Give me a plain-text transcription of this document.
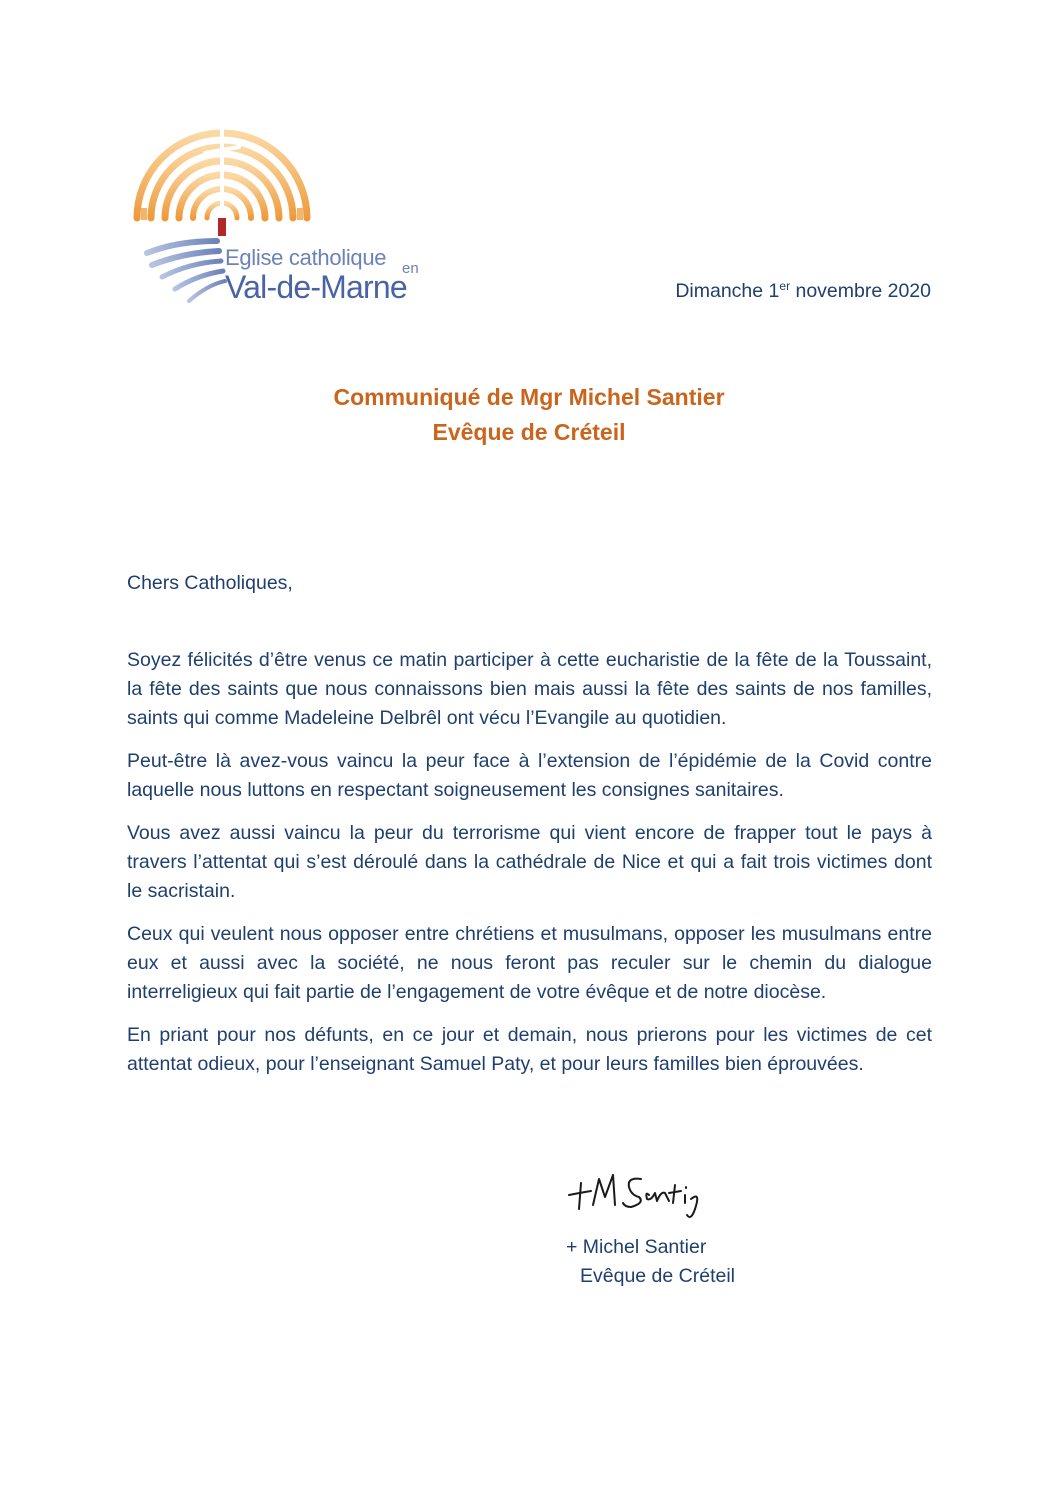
Eglise catholique en
Val-de-Marne	Dimanche 1er novembre 2020
Communiqué de Mgr Michel Santier
Evêque de Créteil
Chers Catholiques,

Soyez félicités d’être venus ce matin participer à cette eucharistie de la fête de la Toussaint, la fête des saints que nous connaissons bien mais aussi la fête des saints de nos familles, saints qui comme Madeleine Delbrêl ont vécu l’Evangile au quotidien.

Peut-être là avez-vous vaincu la peur face à l’extension de l’épidémie de la Covid contre laquelle nous luttons en respectant soigneusement les consignes sanitaires.

Vous avez aussi vaincu la peur du terrorisme qui vient encore de frapper tout le pays à travers l’attentat qui s’est déroulé dans la cathédrale de Nice et qui a fait trois victimes dont le sacristain.

Ceux qui veulent nous opposer entre chrétiens et musulmans, opposer les musulmans entre eux et aussi avec la société, ne nous feront pas reculer sur le chemin du dialogue interreligieux qui fait partie de l’engagement de votre évêque et de notre diocèse.

En priant pour nos défunts, en ce jour et demain, nous prierons pour les victimes de cet attentat odieux, pour l’enseignant Samuel Paty, et pour leurs familles bien éprouvées.

+ Michel Santier
Evêque de Créteil
